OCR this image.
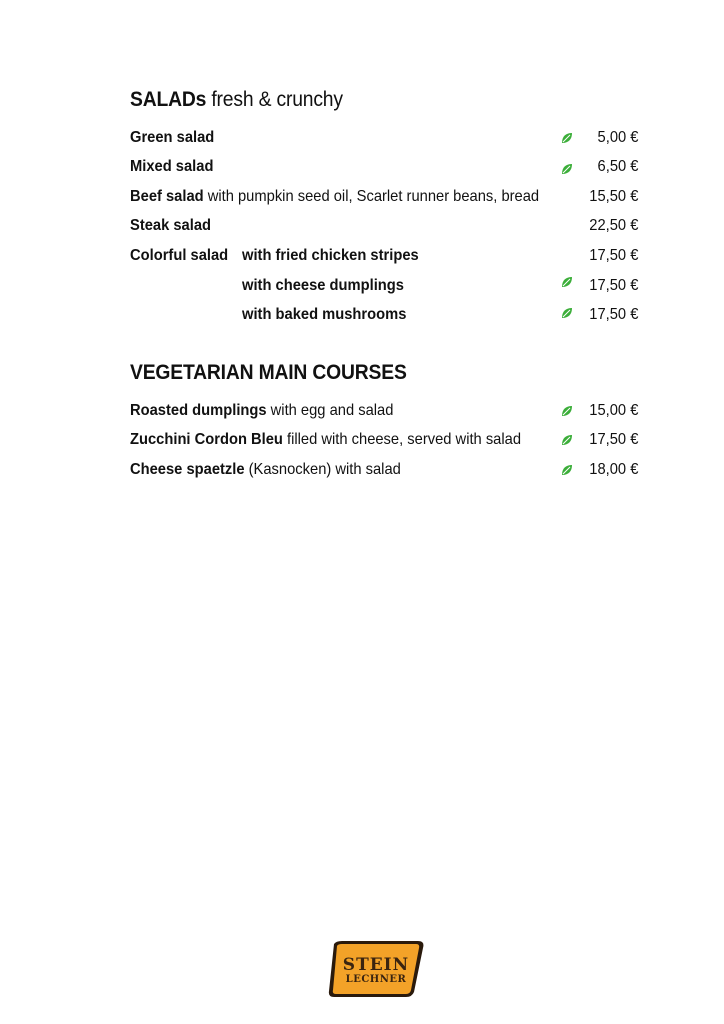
SALADs fresh & crunchy
Green salad	5,00 €
Mixed salad	6,50 €
Beef salad with pumpkin seed oil, Scarlet runner beans, bread	15,50 €
Steak salad	22,50 €
Colorful salad with fried chicken stripes	17,50 €
with cheese dumplings	17,50 €
with baked mushrooms	17,50 €
VEGETARIAN MAIN COURSES
Roasted dumplings with egg and salad	15,00 €
Zucchini Cordon Bleu filled with cheese, served with salad	17,50 €
Cheese spaetzle (Kasnocken) with salad	18,00 €
STEIN
LECHNER
